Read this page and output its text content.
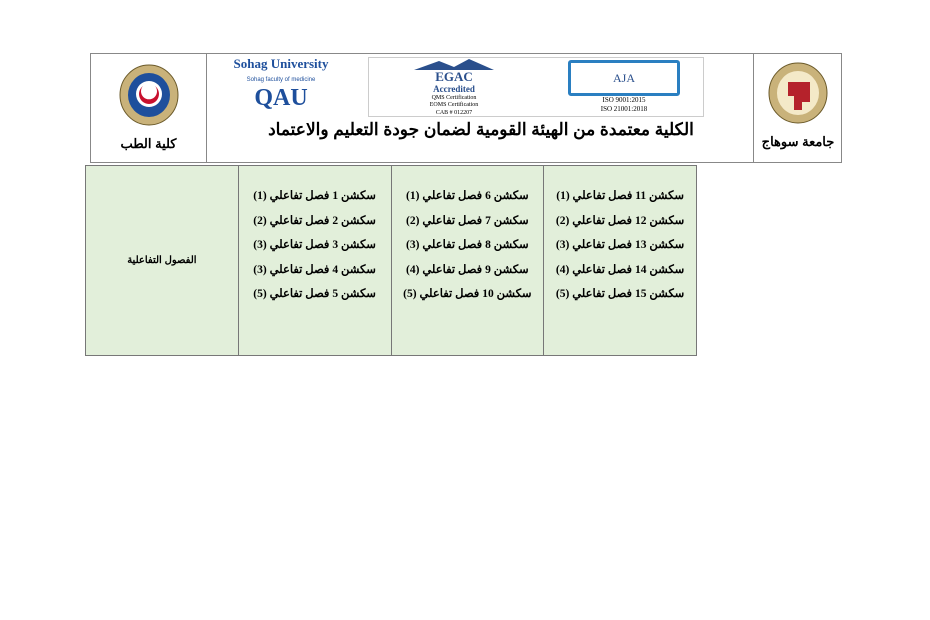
كلية الطب
Sohag University
Sohag faculty of medicine
QAU
EGAC
Accredited
QMS Certification
EOMS Certification
CAB # 012207
AJA
ISO 9001:2015
ISO 21001:2018
الكلية معتمدة من الهيئة القومية لضمان جودة التعليم والاعتماد
جامعة سوهاج
الفصول التفاعلية
سكشن 1 فصل تفاعلي (1)
سكشن 2 فصل تفاعلي (2)
سكشن 3 فصل تفاعلي (3)
سكشن 4 فصل تفاعلي (3)
سكشن 5 فصل تفاعلي (5)
سكشن 6 فصل تفاعلي (1)
سكشن 7 فصل تفاعلي (2)
سكشن 8 فصل تفاعلي (3)
سكشن 9 فصل تفاعلي (4)
سكشن 10 فصل تفاعلي (5)
سكشن 11 فصل تفاعلي (1)
سكشن 12 فصل تفاعلي (2)
سكشن 13 فصل تفاعلي (3)
سكشن 14 فصل تفاعلي (4)
سكشن 15 فصل تفاعلي (5)
